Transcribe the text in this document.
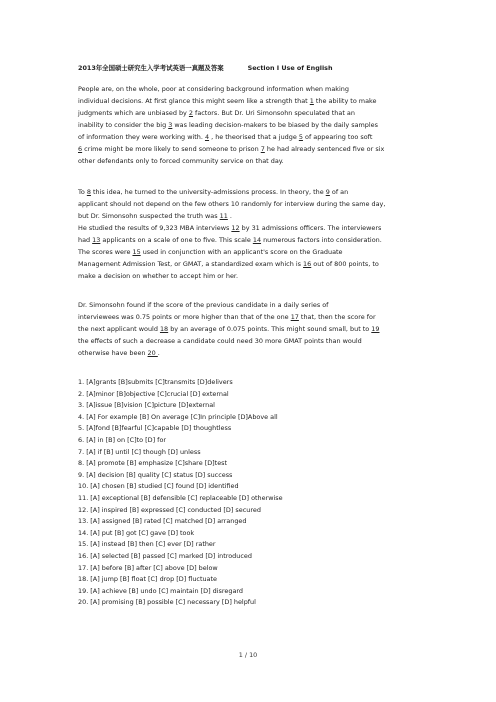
2013年全国硕士研究生入学考试英语一真题及答案	Section I Use of English
People are, on the whole, poor at considering background information when making
individual decisions. At first glance this might seem like a strength that 1 the ability to make
judgments which are unbiased by 2 factors. But Dr. Uri Simonsohn speculated that an
inability to consider the big 3 was leading decision-makers to be biased by the daily samples
of information they were working with. 4 , he theorised that a judge 5 of appearing too soft
6 crime might be more likely to send someone to prison 7 he had already sentenced five or six
other defendants only to forced community service on that day.
To 8 this idea, he turned to the university-admissions process. In theory, the 9 of an
applicant should not depend on the few others 10 randomly for interview during the same day,
but Dr. Simonsohn suspected the truth was 11 .
He studied the results of 9,323 MBA interviews 12 by 31 admissions officers. The interviewers
had 13 applicants on a scale of one to five. This scale 14 numerous factors into consideration.
The scores were 15 used in conjunction with an applicant's score on the Graduate
Management Admission Test, or GMAT, a standardized exam which is 16 out of 800 points, to
make a decision on whether to accept him or her.
Dr. Simonsohn found if the score of the previous candidate in a daily series of
interviewees was 0.75 points or more higher than that of the one 17 that, then the score for
the next applicant would 18 by an average of 0.075 points. This might sound small, but to 19
the effects of such a decrease a candidate could need 30 more GMAT points than would
otherwise have been 20 .
1. [A]grants [B]submits [C]transmits [D]delivers
2. [A]minor [B]objective [C]crucial [D] external
3. [A]issue [B]vision [C]picture [D]external
4. [A] For example [B] On average [C]In principle [D]Above all
5. [A]fond [B]fearful [C]capable [D] thoughtless
6. [A] in [B] on [C]to [D] for
7. [A] if [B] until [C] though [D] unless
8. [A] promote [B] emphasize [C]share [D]test
9. [A] decision [B] quality [C] status [D] success
10. [A] chosen [B] studied [C] found [D] identified
11. [A] exceptional [B] defensible [C] replaceable [D] otherwise
12. [A] inspired [B] expressed [C] conducted [D] secured
13. [A] assigned [B] rated [C] matched [D] arranged
14. [A] put [B] got [C] gave [D] took
15. [A] instead [B] then [C] ever [D] rather
16. [A] selected [B] passed [C] marked [D] introduced
17. [A] before [B] after [C] above [D] below
18. [A] jump [B] float [C] drop [D] fluctuate
19. [A] achieve [B] undo [C] maintain [D] disregard
20. [A] promising [B] possible [C] necessary [D] helpful
1 / 10
